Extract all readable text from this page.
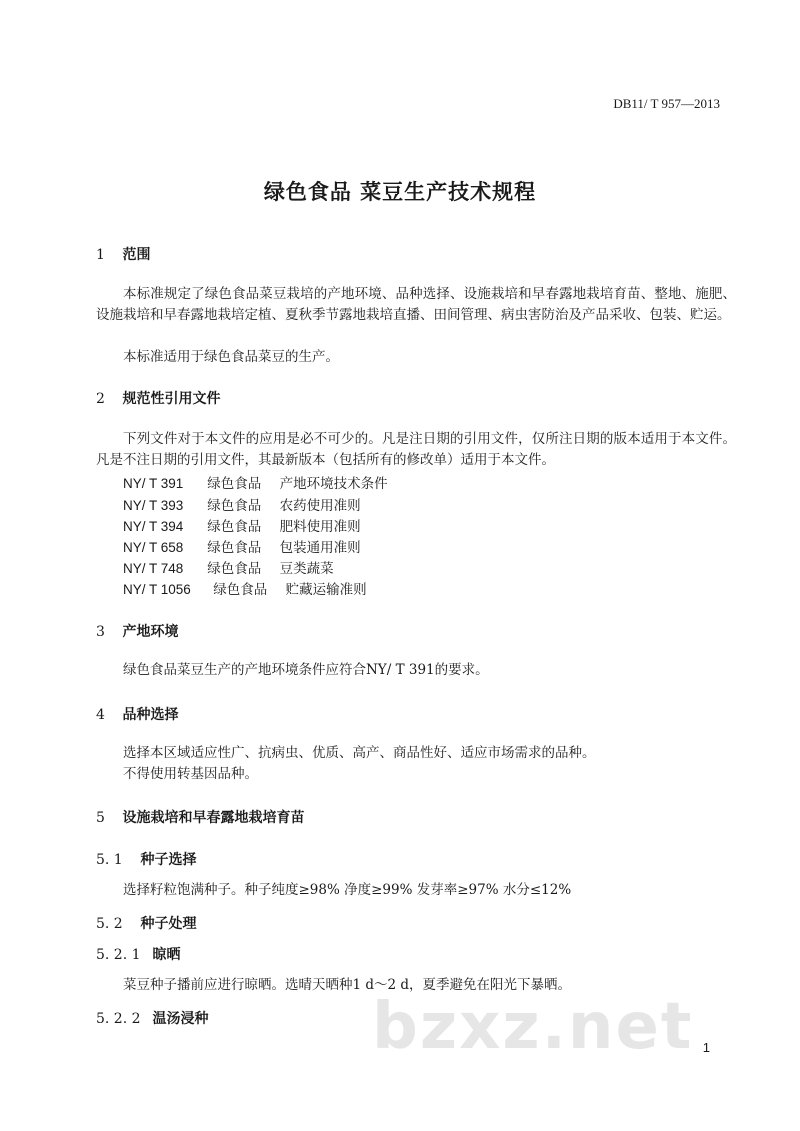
bzxz.net
DB11/ T 957—2013
绿色食品 菜豆生产技术规程
1 范围
本标准规定了绿色食品菜豆栽培的产地环境、品种选择、设施栽培和早春露地栽培育苗、整地、施肥、设施栽培和早春露地栽培定植、夏秋季节露地栽培直播、田间管理、病虫害防治及产品采收、包装、贮运。
本标准适用于绿色食品菜豆的生产。
2 规范性引用文件
下列文件对于本文件的应用是必不可少的。凡是注日期的引用文件，仅所注日期的版本适用于本文件。凡是不注日期的引用文件，其最新版本（包括所有的修改单）适用于本文件。
NY/ T 391 绿色食品 产地环境技术条件
NY/ T 393 绿色食品 农药使用准则
NY/ T 394 绿色食品 肥料使用准则
NY/ T 658 绿色食品 包装通用准则
NY/ T 748 绿色食品 豆类蔬菜
NY/ T 1056 绿色食品 贮藏运输准则
3 产地环境
绿色食品菜豆生产的产地环境条件应符合NY/ T 391的要求。
4 品种选择
选择本区域适应性广、抗病虫、优质、高产、商品性好、适应市场需求的品种。
不得使用转基因品种。
5 设施栽培和早春露地栽培育苗
5. 1 种子选择
选择籽粒饱满种子。种子纯度≥98% 净度≥99% 发芽率≥97% 水分≤12%
5. 2 种子处理
5. 2. 1 晾晒
菜豆种子播前应进行晾晒。选晴天晒种1 d～2 d，夏季避免在阳光下暴晒。
5. 2. 2 温汤浸种
1
